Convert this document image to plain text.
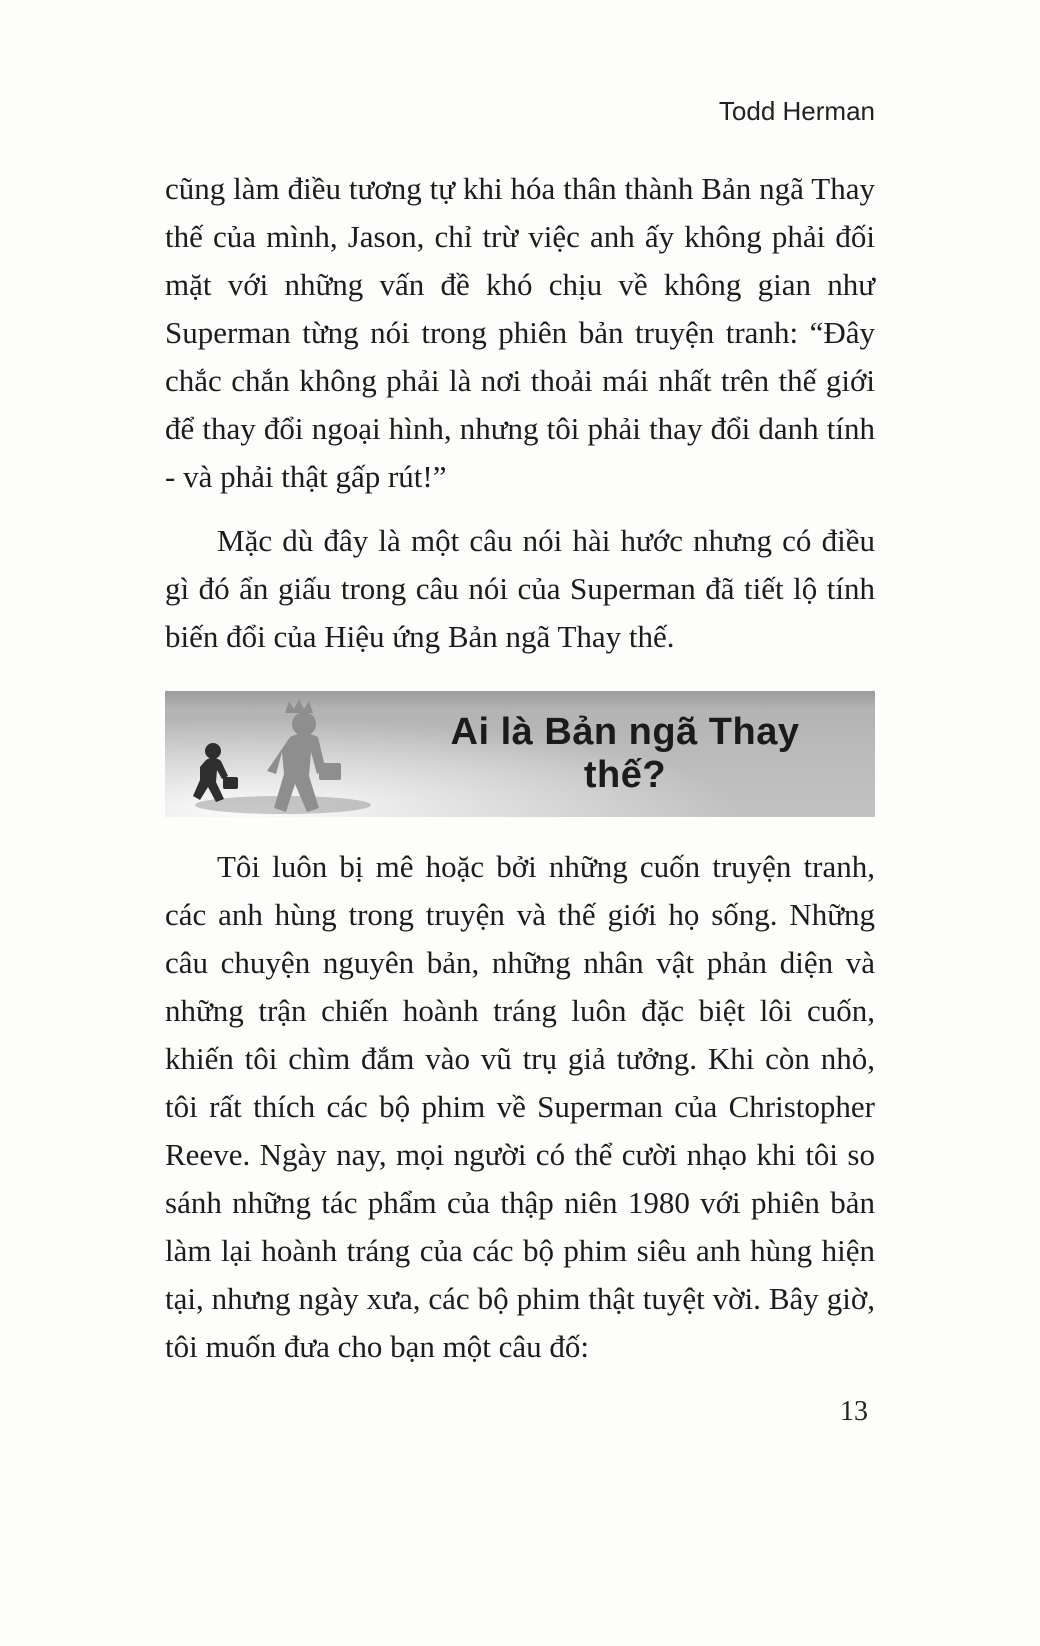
Todd Herman

cũng làm điều tương tự khi hóa thân thành Bản ngã Thay thế của mình, Jason, chỉ trừ việc anh ấy không phải đối mặt với những vấn đề khó chịu về không gian như Superman từng nói trong phiên bản truyện tranh: “Đây chắc chắn không phải là nơi thoải mái nhất trên thế giới để thay đổi ngoại hình, nhưng tôi phải thay đổi danh tính - và phải thật gấp rút!”

Mặc dù đây là một câu nói hài hước nhưng có điều gì đó ẩn giấu trong câu nói của Superman đã tiết lộ tính biến đổi của Hiệu ứng Bản ngã Thay thế.

Ai là Bản ngã Thay thế?

Tôi luôn bị mê hoặc bởi những cuốn truyện tranh, các anh hùng trong truyện và thế giới họ sống. Những câu chuyện nguyên bản, những nhân vật phản diện và những trận chiến hoành tráng luôn đặc biệt lôi cuốn, khiến tôi chìm đắm vào vũ trụ giả tưởng. Khi còn nhỏ, tôi rất thích các bộ phim về Superman của Christopher Reeve. Ngày nay, mọi người có thể cười nhạo khi tôi so sánh những tác phẩm của thập niên 1980 với phiên bản làm lại hoành tráng của các bộ phim siêu anh hùng hiện tại, nhưng ngày xưa, các bộ phim thật tuyệt vời. Bây giờ, tôi muốn đưa cho bạn một câu đố:

13
